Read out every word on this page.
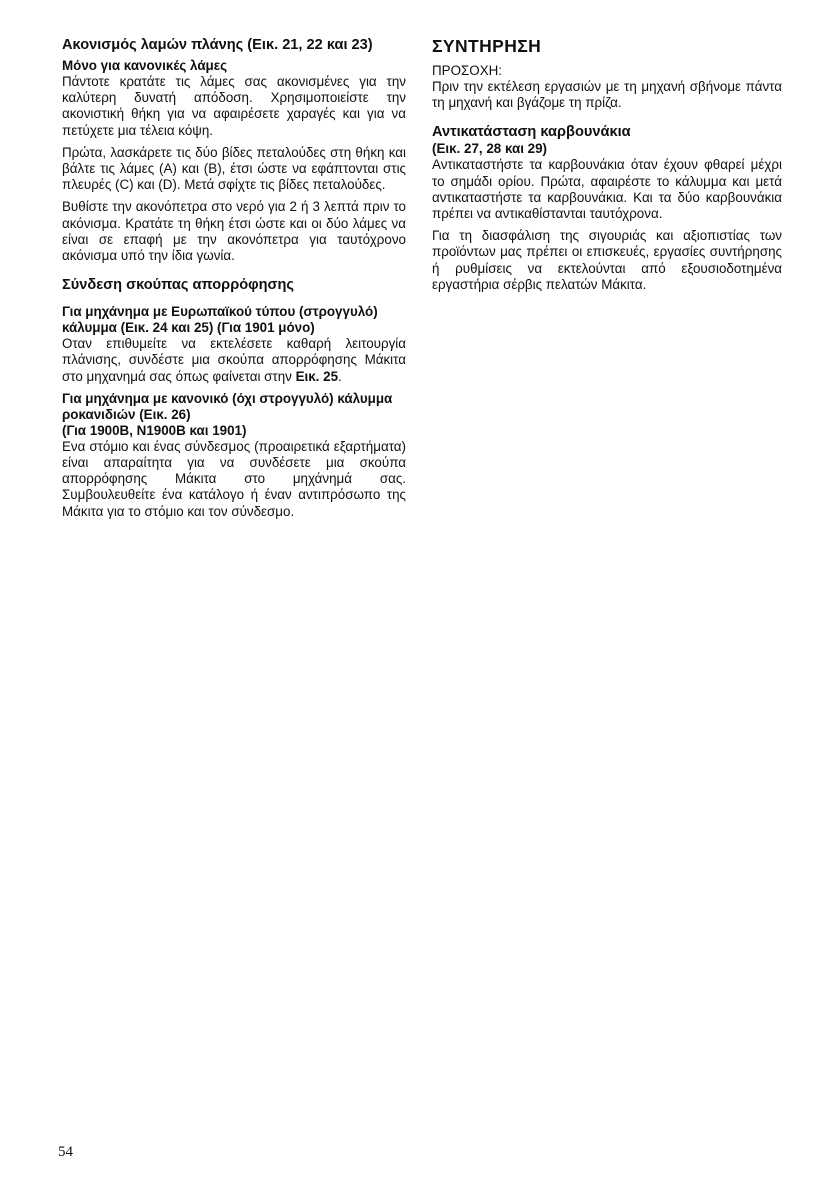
Ακονισμός λαμών πλάνης (Εικ. 21, 22 και 23)
Μόνο για κανονικές λάμες

Πάντοτε κρατάτε τις λάμες σας ακονισμένες για την καλύτερη δυνατή απόδοση. Χρησιμοποιείστε την ακονιστική θήκη για να αφαιρέσετε χαραγές και για να πετύχετε μια τέλεια κόψη.

Πρώτα, λασκάρετε τις δύο βίδες πεταλούδες στη θήκη και βάλτε τις λάμες (Α) και (Β), έτσι ώστε να εφάπτονται στις πλευρές (C) και (D). Μετά σφίχτε τις βίδες πεταλούδες.

Βυθίστε την ακονόπετρα στο νερό για 2 ή 3 λεπτά πριν το ακόνισμα. Κρατάτε τη θήκη έτσι ώστε και οι δύο λάμες να είναι σε επαφή με την ακονόπετρα για ταυτόχρονο ακόνισμα υπό την ίδια γωνία.

Σύνδεση σκούπας απορρόφησης
Για μηχάνημα με Ευρωπαϊκού τύπου (στρογγυλό) κάλυμμα (Εικ. 24 και 25) (Για 1901 μόνο)

Οταν επιθυμείτε να εκτελέσετε καθαρή λειτουργία πλάνισης, συνδέστε μια σκούπα απορρόφησης Μάκιτα στο μηχανημά σας όπως φαίνεται στην Εικ. 25.

Για μηχάνημα με κανονικό (όχι στρογγυλό) κάλυμμα ροκανιδιών (Εικ. 26)
(Για 1900Β, Ν1900Β και 1901)

Ενα στόμιο και ένας σύνδεσμος (προαιρετικά εξαρτήματα) είναι απαραίτητα για να συνδέσετε μια σκούπα απορρόφησης Μάκιτα στο μηχάνημά σας. Συμβουλευθείτε ένα κατάλογο ή έναν αντιπρόσωπο της Μάκιτα για το στόμιο και τον σύνδεσμο.

ΣΥΝΤΗΡΗΣΗ

ΠΡΟΣΟΧΗ:

Πριν την εκτέλεση εργασιών με τη μηχανή σβήνομε πάντα τη μηχανή και βγάζομε τη πρίζα.

Αντικατάσταση καρβουνάκια
(Εικ. 27, 28 και 29)

Αντικαταστήστε τα καρβουνάκια όταν έχουν φθαρεί μέχρι το σημάδι ορίου. Πρώτα, αφαιρέστε το κάλυμμα και μετά αντικαταστήστε τα καρβουνάκια. Και τα δύο καρβουνάκια πρέπει να αντικαθίστανται ταυτόχρονα.

Για τη διασφάλιση της σιγουριάς και αξιοπιστίας των προϊόντων μας πρέπει οι επισκευές, εργασίες συντήρησης ή ρυθμίσεις να εκτελούνται από εξουσιοδοτημένα εργαστήρια σέρβις πελατών Μάκιτα.

54
